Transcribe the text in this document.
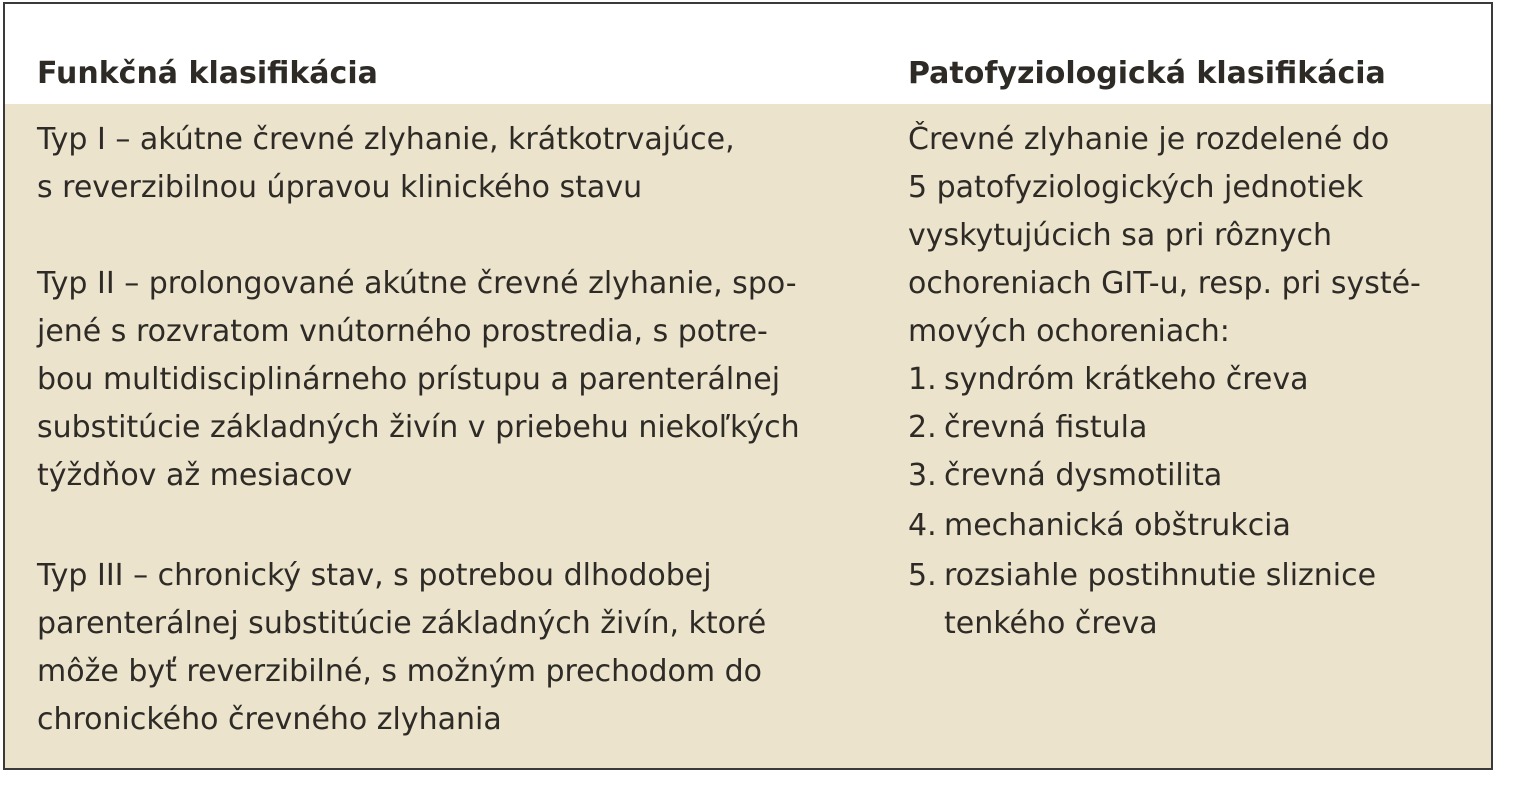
Funkčná klasifikácia	Patofyziologická klasifikácia
Typ I – akútne črevné zlyhanie, krátkotrvajúce,
s reverzibilnou úpravou klinického stavu
Typ II – prolongované akútne črevné zlyhanie, spo-
jené s rozvratom vnútorného prostredia, s potre-
bou multidisciplinárneho prístupu a parenterálnej
substitúcie základných živín v priebehu niekoľkých
týždňov až mesiacov
Typ III – chronický stav, s potrebou dlhodobej
parenterálnej substitúcie základných živín, ktoré
môže byť reverzibilné, s možným prechodom do
chronického črevného zlyhania
Črevné zlyhanie je rozdelené do
5 patofyziologických jednotiek
vyskytujúcich sa pri rôznych
ochoreniach GIT-u, resp. pri systé-
mových ochoreniach:
1. syndróm krátkeho čreva
2. črevná fistula
3. črevná dysmotilita
4. mechanická obštrukcia
5. rozsiahle postihnutie sliznice
tenkého čreva
